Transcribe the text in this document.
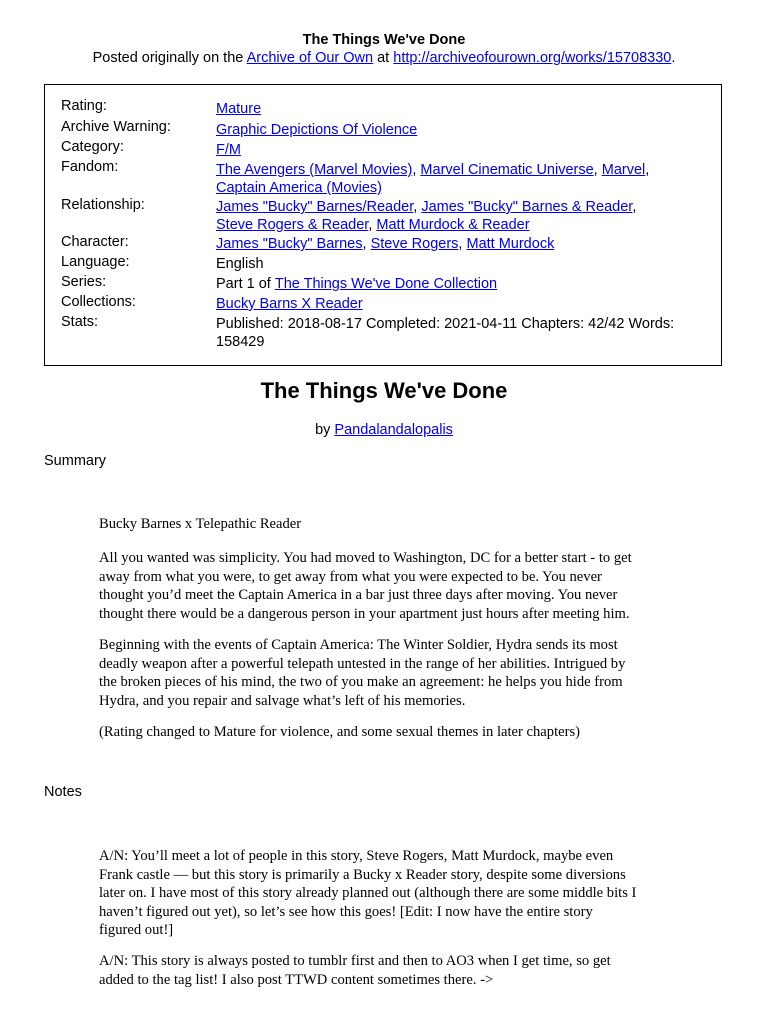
The Things We've Done
Posted originally on the Archive of Our Own at http://archiveofourown.org/works/15708330.
Rating:	Mature
Archive Warning:	Graphic Depictions Of Violence
Category:	F/M
Fandom:	The Avengers (Marvel Movies), Marvel Cinematic Universe, Marvel,
Captain America (Movies)
Relationship:	James "Bucky" Barnes/Reader, James "Bucky" Barnes & Reader,
Steve Rogers & Reader, Matt Murdock & Reader
Character:	James "Bucky" Barnes, Steve Rogers, Matt Murdock
Language:	English
Series:	Part 1 of The Things We've Done Collection
Collections:	Bucky Barns X Reader
Stats:	Published: 2018-08-17 Completed: 2021-04-11 Chapters: 42/42 Words:
158429
The Things We've Done
by Pandalandalopalis
Summary

Bucky Barnes x Telepathic Reader

All you wanted was simplicity. You had moved to Washington, DC for a better start - to get
away from what you were, to get away from what you were expected to be. You never
thought you’d meet the Captain America in a bar just three days after moving. You never
thought there would be a dangerous person in your apartment just hours after meeting him.

Beginning with the events of Captain America: The Winter Soldier, Hydra sends its most
deadly weapon after a powerful telepath untested in the range of her abilities. Intrigued by
the broken pieces of his mind, the two of you make an agreement: he helps you hide from
Hydra, and you repair and salvage what’s left of his memories.

(Rating changed to Mature for violence, and some sexual themes in later chapters)

Notes

A/N: You’ll meet a lot of people in this story, Steve Rogers, Matt Murdock, maybe even
Frank castle — but this story is primarily a Bucky x Reader story, despite some diversions
later on. I have most of this story already planned out (although there are some middle bits I
haven’t figured out yet), so let’s see how this goes! [Edit: I now have the entire story
figured out!]

A/N: This story is always posted to tumblr first and then to AO3 when I get time, so get
added to the tag list! I also post TTWD content sometimes there. ->
